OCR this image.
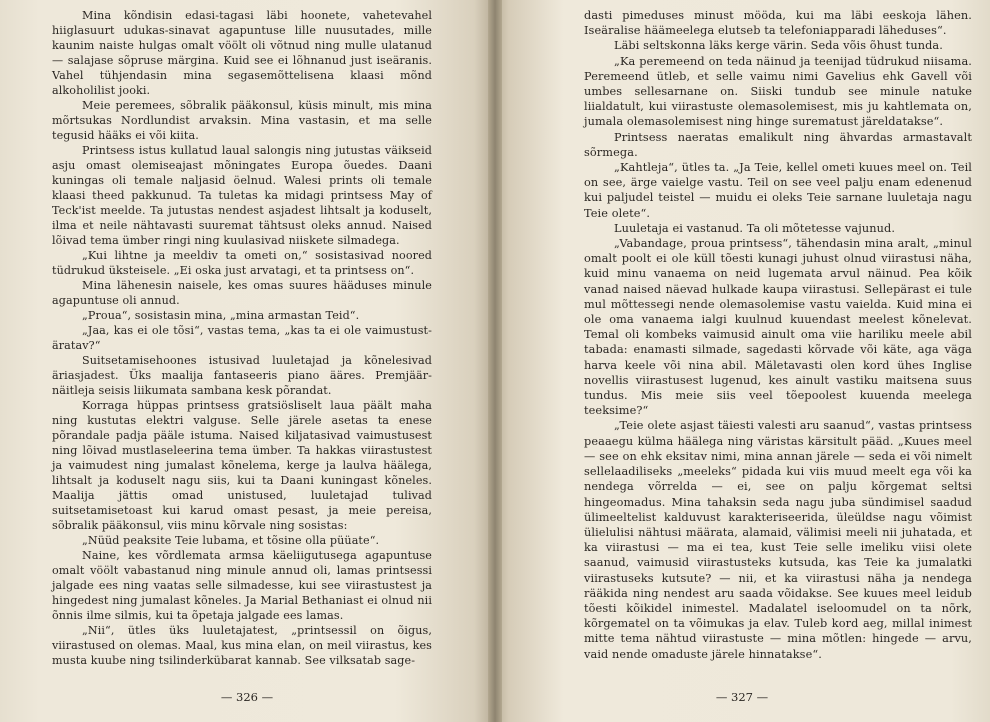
Mina kõndisin edasi-tagasi läbi hoonete, vahetevahel hiiglasuurt udukas-sinavat agapuntuse lille nuusutades, mille kaunim naiste hulgas omalt vöölt oli võtnud ning mulle ulatanud — salajase sõpruse märgina. Kuid see ei lõhnanud just iseäranis. Vahel tühjendasin mina segasemõttelisena klaasi mõnd alkoholilist jooki.

Meie peremees, sõbralik pääkonsul, küsis minult, mis mina mõrtsukas Nordlundist arvaksin. Mina vastasin, et ma selle tegusid hääks ei või kiita.

Printsess istus kullatud laual salongis ning jutustas väikseid asju omast olemiseajast mõningates Europa õuedes. Daani kuningas oli temale naljasid öelnud. Walesi prints oli temale klaasi theed pakkunud. Ta tuletas ka midagi printsess May of Teck'ist meelde. Ta jutustas nendest asjadest lihtsalt ja koduselt, ilma et neile nähtavasti suuremat tähtsust oleks annud. Naised lõivad tema ümber ringi ning kuulasivad niiskete silmadega.

„Kui lihtne ja meeldiv ta ometi on,“ sosistasivad noored tüdrukud üksteisele. „Ei oska just arvatagi, et ta printsess on“.

Mina lähenesin naisele, kes omas suures hääduses minule agapuntuse oli annud.

„Proua“, sosistasin mina, „mina armastan Teid“.

„Jaa, kas ei ole tõsi“, vastas tema, „kas ta ei ole vaimustust-äratav?“

Suitsetamisehoones istusivad luuletajad ja kõnelesivad äriasjadest. Üks maalija fantaseeris piano ääres. Premjäär-näitleja seisis liikumata sambana kesk põrandat.

Korraga hüppas printsess gratsiösliselt laua päält maha ning kustutas elektri valguse. Selle järele asetas ta enese põrandale padja pääle istuma. Naised kiljatasivad vaimustusest ning lõivad mustlaseleerina tema ümber. Ta hakkas viirastustest ja vaimudest ning jumalast kõnelema, kerge ja laulva häälega, lihtsalt ja koduselt nagu siis, kui ta Daani kuningast kõneles. Maalija jättis omad unistused, luuletajad tulivad suitsetamisetoast kui karud omast pesast, ja meie pereisa, sõbralik pääkonsul, viis minu kõrvale ning sosistas:

„Nüüd peaksite Teie lubama, et tõsine olla püüate“.

Naine, kes võrdlemata armsa käeliigutusega agapuntuse omalt vöölt vabastanud ning minule annud oli, lamas printsessi jalgade ees ning vaatas selle silmadesse, kui see viirastustest ja hingedest ning jumalast kõneles. Ja Marial Bethaniast ei olnud nii õnnis ilme silmis, kui ta õpetaja jalgade ees lamas.

„Nii“, ütles üks luuletajatest, „printsessil on õigus, viirastused on olemas. Maal, kus mina elan, on meil viirastus, kes musta kuube ning tsilinderkübarat kannab. See vilksatab sage-

— 326 —

dasti pimeduses minust mööda, kui ma läbi eeskoja lähen. Iseäralise häämeelega elutseb ta telefoniapparadi läheduses“.

Läbi seltskonna läks kerge värin. Seda võis õhust tunda.

„Ka peremeend on teda näinud ja teenijad tüdrukud niisama. Peremeend ütleb, et selle vaimu nimi Gavelius ehk Gavell või umbes sellesarnane on. Siiski tundub see minule natuke liialdatult, kui viirastuste olemasolemisest, mis ju kahtlemata on, jumala olemasolemisest ning hinge surematust järeldatakse“.

Printsess naeratas emalikult ning ähvardas armastavalt sõrmega.

„Kahtleja“, ütles ta. „Ja Teie, kellel ometi kuues meel on. Teil on see, ärge vaielge vastu. Teil on see veel palju enam edenenud kui paljudel teistel — muidu ei oleks Teie sarnane luuletaja nagu Teie olete“.

Luuletaja ei vastanud. Ta oli mõtetesse vajunud.

„Vabandage, proua printsess“, tähendasin mina aralt, „minul omalt poolt ei ole küll tõesti kunagi juhust olnud viirastusi näha, kuid minu vanaema on neid lugemata arvul näinud. Pea kõik vanad naised näevad hulkade kaupa viirastusi. Sellepärast ei tule mul mõttessegi nende olemasolemise vastu vaielda. Kuid mina ei ole oma vanaema ialgi kuulnud kuuendast meelest kõnelevat. Temal oli kombeks vaimusid ainult oma viie hariliku meele abil tabada: enamasti silmade, sagedasti kõrvade või käte, aga väga harva keele või nina abil. Mäletavasti olen kord ühes Inglise novellis viirastusest lugenud, kes ainult vastiku maitsena suus tundus. Mis meie siis veel tõepoolest kuuenda meelega teeksime?“

„Teie olete asjast täiesti valesti aru saanud“, vastas printsess peaaegu külma häälega ning väristas kärsitult pääd. „Kuues meel — see on ehk eksitav nimi, mina annan järele — seda ei või nimelt sellelaadiliseks „meeleks“ pidada kui viis muud meelt ega või ka nendega võrrelda — ei, see on palju kõrgemat seltsi hingeomadus. Mina tahaksin seda nagu juba sündimisel saadud ülimeeltelist kalduvust karakteriseerida, üleüldse nagu võimist ülielulisi nähtusi määrata, alamaid, välimisi meeli nii juhatada, et ka viirastusi — ma ei tea, kust Teie selle imeliku viisi olete saanud, vaimusid viirastusteks kutsuda, kas Teie ka jumalatki viirastuseks kutsute? — nii, et ka viirastusi näha ja nendega rääkida ning nendest aru saada võidakse. See kuues meel leidub tõesti kõikidel inimestel. Madalatel iseloomudel on ta nõrk, kõrgematel on ta võimukas ja elav. Tuleb kord aeg, millal inimest mitte tema nähtud viirastuste — mina mõtlen: hingede — arvu, vaid nende omaduste järele hinnatakse“.

— 327 —
